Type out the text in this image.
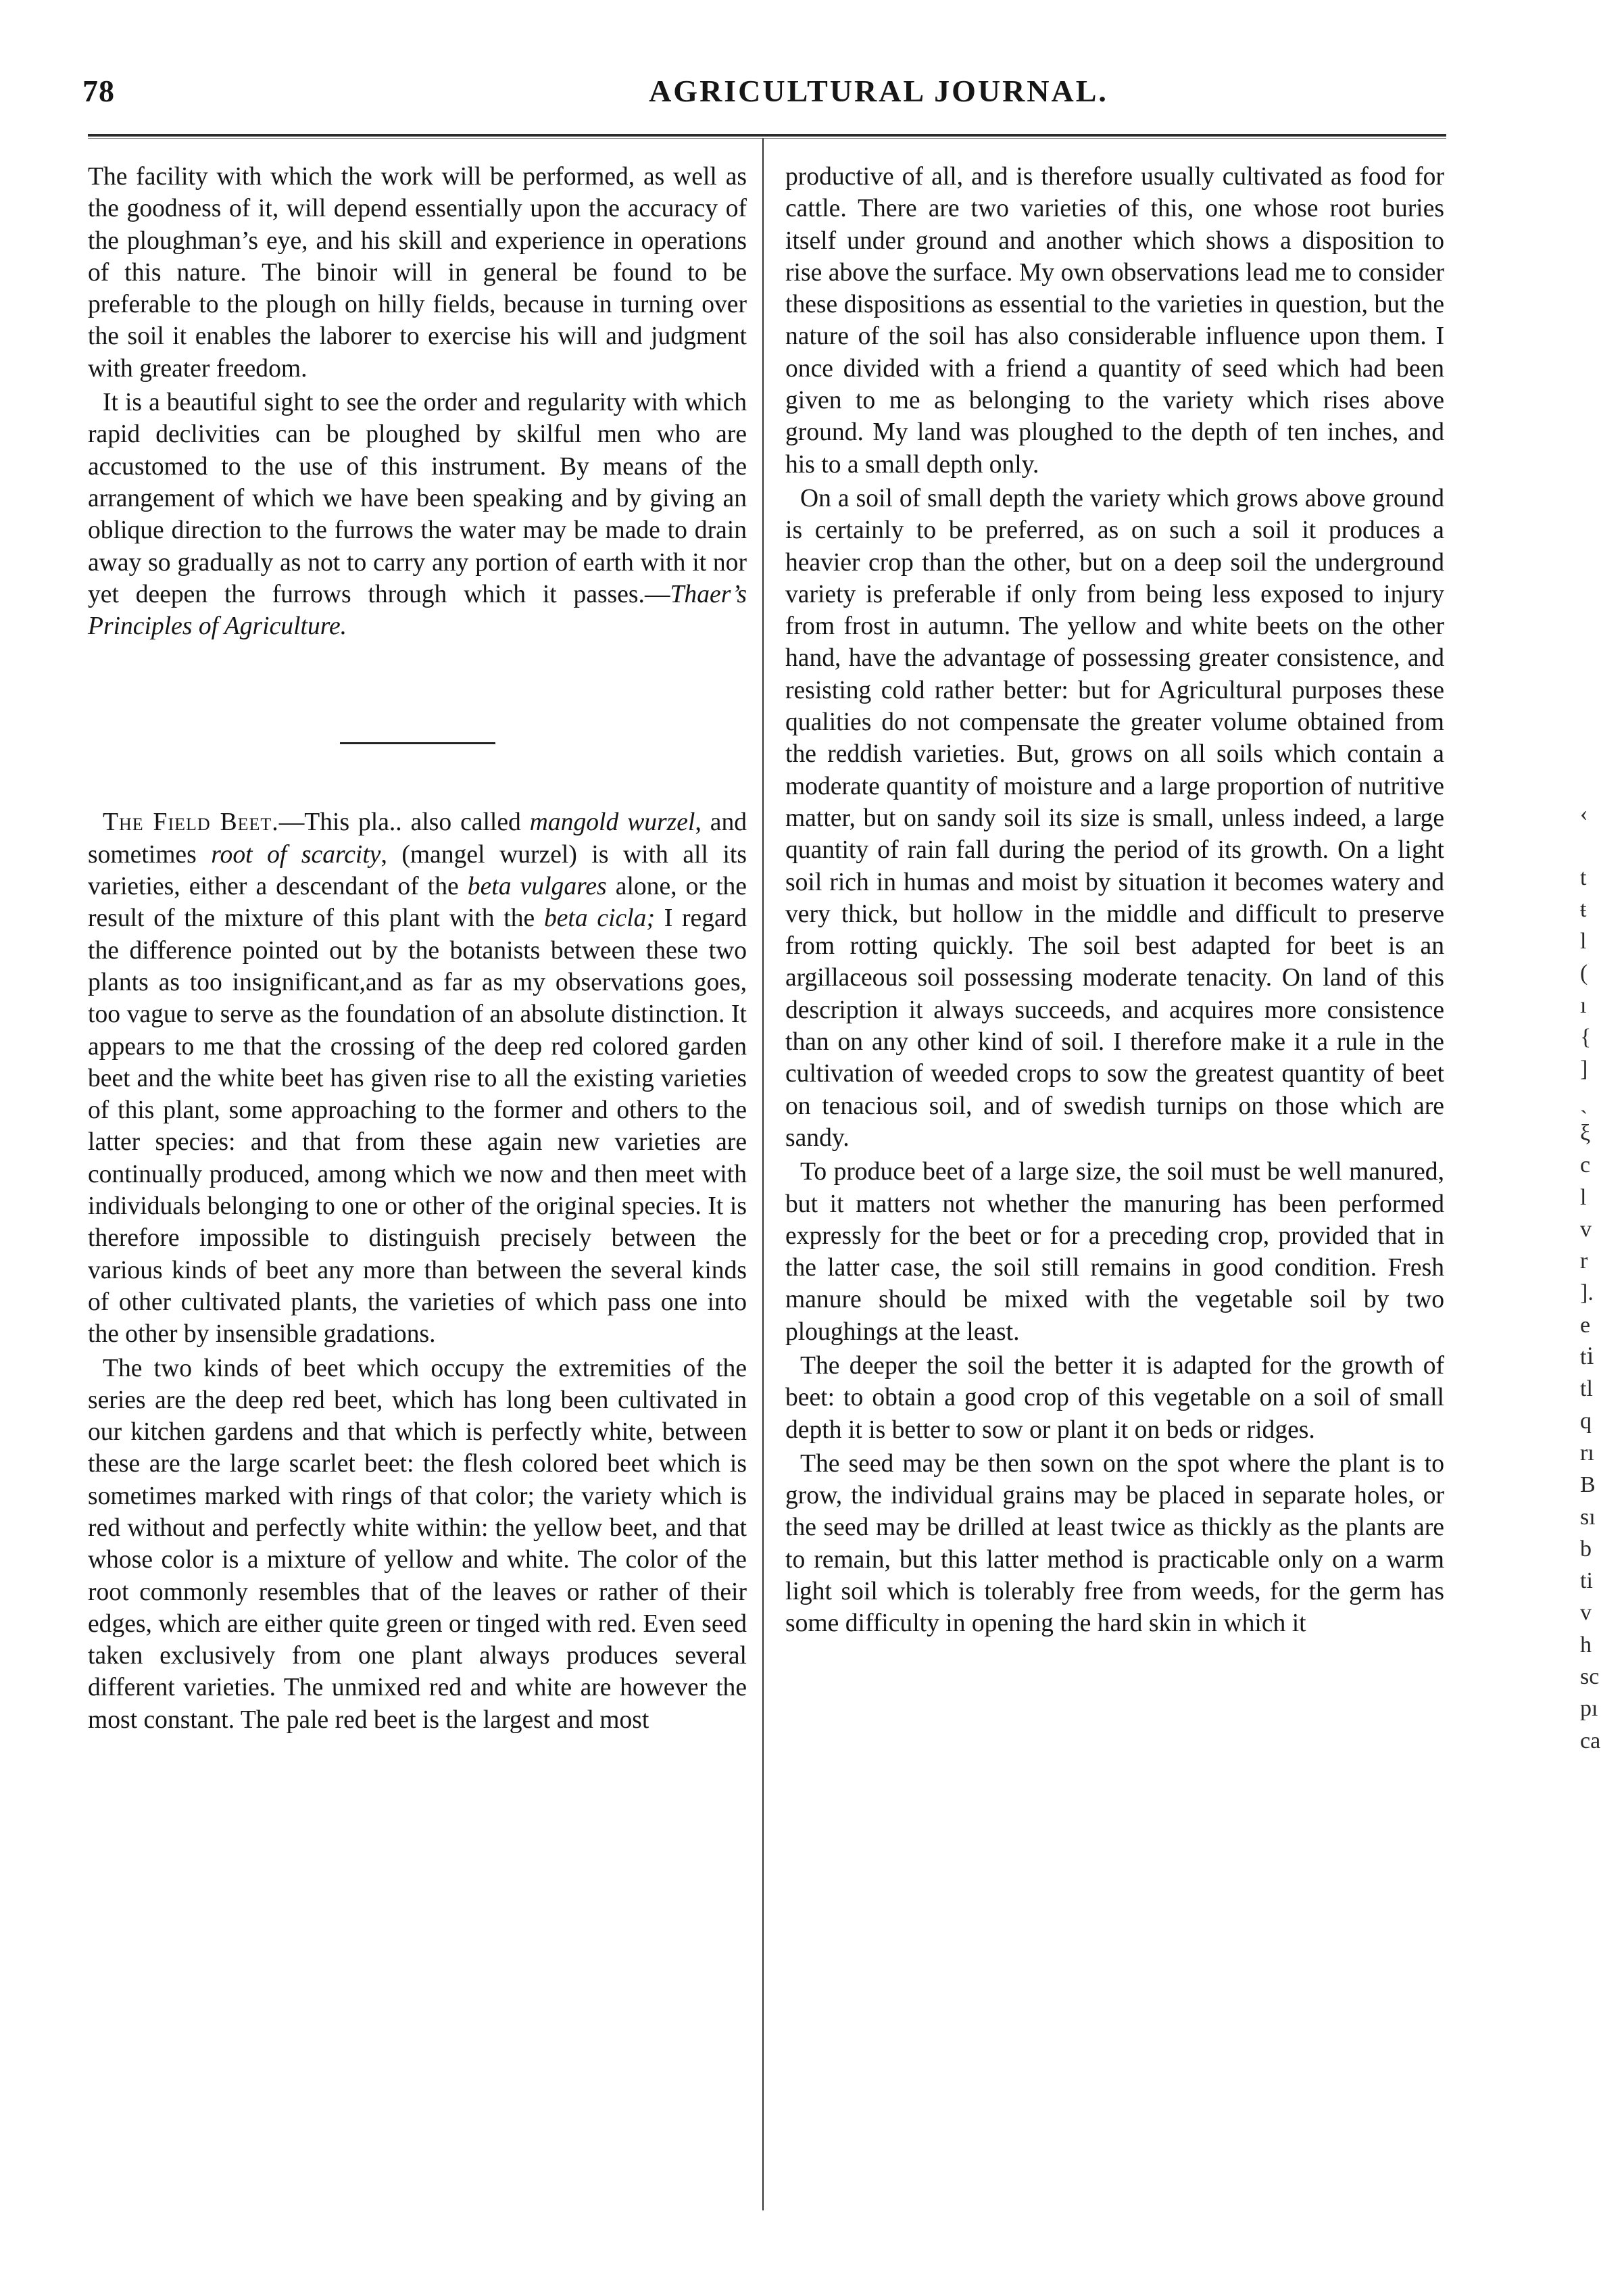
78	AGRICULTURAL JOURNAL.

The facility with which the work will be performed, as well as the goodness of it, will depend essentially upon the accuracy of the ploughman’s eye, and his skill and experience in operations of this nature. The binoir will in general be found to be preferable to the plough on hilly fields, because in turning over the soil it enables the laborer to exercise his will and judgment with greater freedom.

It is a beautiful sight to see the order and regularity with which rapid declivities can be ploughed by skilful men who are accustomed to the use of this instrument. By means of the arrangement of which we have been speaking and by giving an oblique direction to the furrows the water may be made to drain away so gradually as not to carry any portion of earth with it nor yet deepen the furrows through which it passes.—Thaer’s Principles of Agriculture.

The Field Beet.—This pla.. also called mangold wurzel, and sometimes root of scarcity, (mangel wurzel) is with all its varieties, either a descendant of the beta vulgares alone, or the result of the mixture of this plant with the beta cicla; I regard the difference pointed out by the botanists between these two plants as too insignificant,and as far as my observations goes, too vague to serve as the foundation of an absolute distinction. It appears to me that the crossing of the deep red colored garden beet and the white beet has given rise to all the existing varieties of this plant, some approaching to the former and others to the latter species: and that from these again new varieties are continually produced, among which we now and then meet with individuals belonging to one or other of the original species. It is therefore impossible to distinguish precisely between the various kinds of beet any more than between the several kinds of other cultivated plants, the varieties of which pass one into the other by insensible gradations.

The two kinds of beet which occupy the extremities of the series are the deep red beet, which has long been cultivated in our kitchen gardens and that which is perfectly white, between these are the large scarlet beet: the flesh colored beet which is sometimes marked with rings of that color; the variety which is red without and perfectly white within: the yellow beet, and that whose color is a mixture of yellow and white. The color of the root commonly resembles that of the leaves or rather of their edges, which are either quite green or tinged with red. Even seed taken exclusively from one plant always produces several different varieties. The unmixed red and white are however the most constant. The pale red beet is the largest and most

productive of all, and is therefore usually cultivated as food for cattle. There are two varieties of this, one whose root buries itself under ground and another which shows a disposition to rise above the surface. My own observations lead me to consider these dispositions as essential to the varieties in question, but the nature of the soil has also considerable influence upon them. I once divided with a friend a quantity of seed which had been given to me as belonging to the variety which rises above ground. My land was ploughed to the depth of ten inches, and his to a small depth only.

On a soil of small depth the variety which grows above ground is certainly to be preferred, as on such a soil it produces a heavier crop than the other, but on a deep soil the underground variety is preferable if only from being less exposed to injury from frost in autumn. The yellow and white beets on the other hand, have the advantage of possessing greater consistence, and resisting cold rather better: but for Agricultural purposes these qualities do not compensate the greater volume obtained from the reddish varieties. But, grows on all soils which contain a moderate quantity of moisture and a large proportion of nutritive matter, but on sandy soil its size is small, unless indeed, a large quantity of rain fall during the period of its growth. On a light soil rich in humas and moist by situation it becomes watery and very thick, but hollow in the middle and difficult to preserve from rotting quickly. The soil best adapted for beet is an argillaceous soil possessing moderate tenacity. On land of this description it always succeeds, and acquires more consistence than on any other kind of soil. I therefore make it a rule in the cultivation of weeded crops to sow the greatest quantity of beet on tenacious soil, and of swedish turnips on those which are sandy.

To produce beet of a large size, the soil must be well manured, but it matters not whether the manuring has been performed expressly for the beet or for a preceding crop, provided that in the latter case, the soil still remains in good condition. Fresh manure should be mixed with the vegetable soil by two ploughings at the least.

The deeper the soil the better it is adapted for the growth of beet: to obtain a good crop of this vegetable on a soil of small depth it is better to sow or plant it on beds or ridges.

The seed may be then sown on the spot where the plant is to grow, the individual grains may be placed in separate holes, or the seed may be drilled at least twice as thickly as the plants are to remain, but this latter method is practicable only on a warm light soil which is tolerably free from weeds, for the germ has some difficulty in opening the hard skin in which it

‹
t
ŧ
l
(
ı
{
]
ˏ
ξ
c
l
v
r
].
e
tⅰ
tl
q
rı
B
sı
b
ti
v
h
sc
pı
ca
